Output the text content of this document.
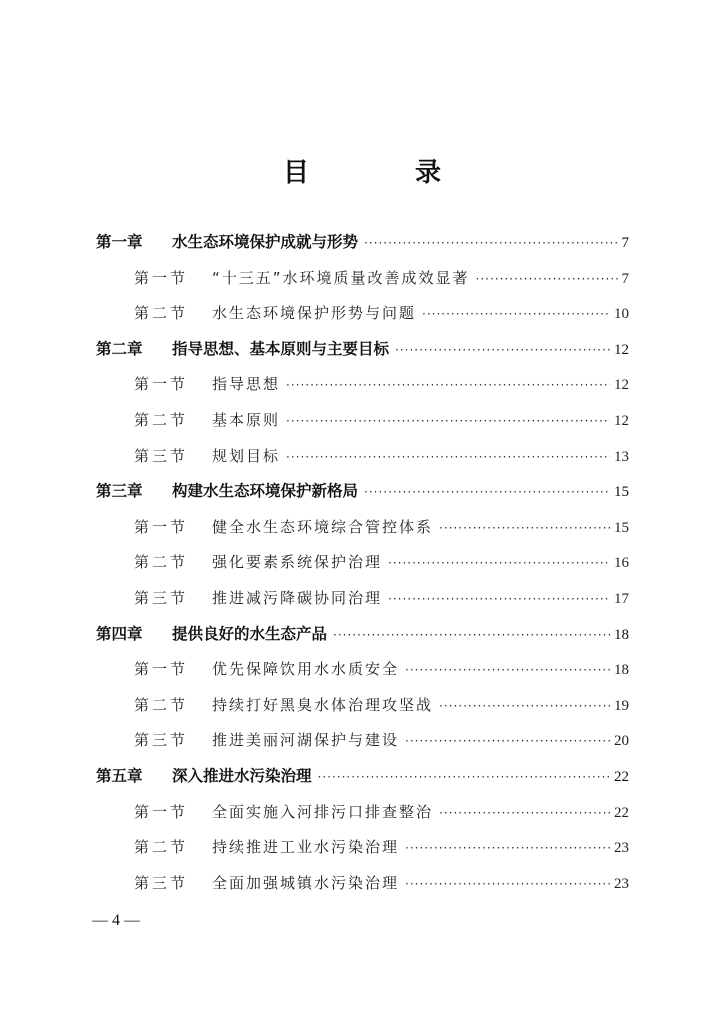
目　录
第一章	水生态环境保护成就与形势 ·····	7
第一节	“十三五”水环境质量改善成效显著 ·····	7
第二节	水生态环境保护形势与问题 ·····	10
第二章	指导思想、基本原则与主要目标 ·····	12
第一节	指导思想 ·····	12
第二节	基本原则 ·····	12
第三节	规划目标 ·····	13
第三章	构建水生态环境保护新格局 ·····	15
第一节	健全水生态环境综合管控体系 ·····	15
第二节	强化要素系统保护治理 ·····	16
第三节	推进减污降碳协同治理 ·····	17
第四章	提供良好的水生态产品 ·····	18
第一节	优先保障饮用水水质安全 ·····	18
第二节	持续打好黑臭水体治理攻坚战 ·····	19
第三节	推进美丽河湖保护与建设 ·····	20
第五章	深入推进水污染治理 ·····	22
第一节	全面实施入河排污口排查整治 ·····	22
第二节	持续推进工业水污染治理 ·····	23
第三节	全面加强城镇水污染治理 ·····	23
— 4 —
